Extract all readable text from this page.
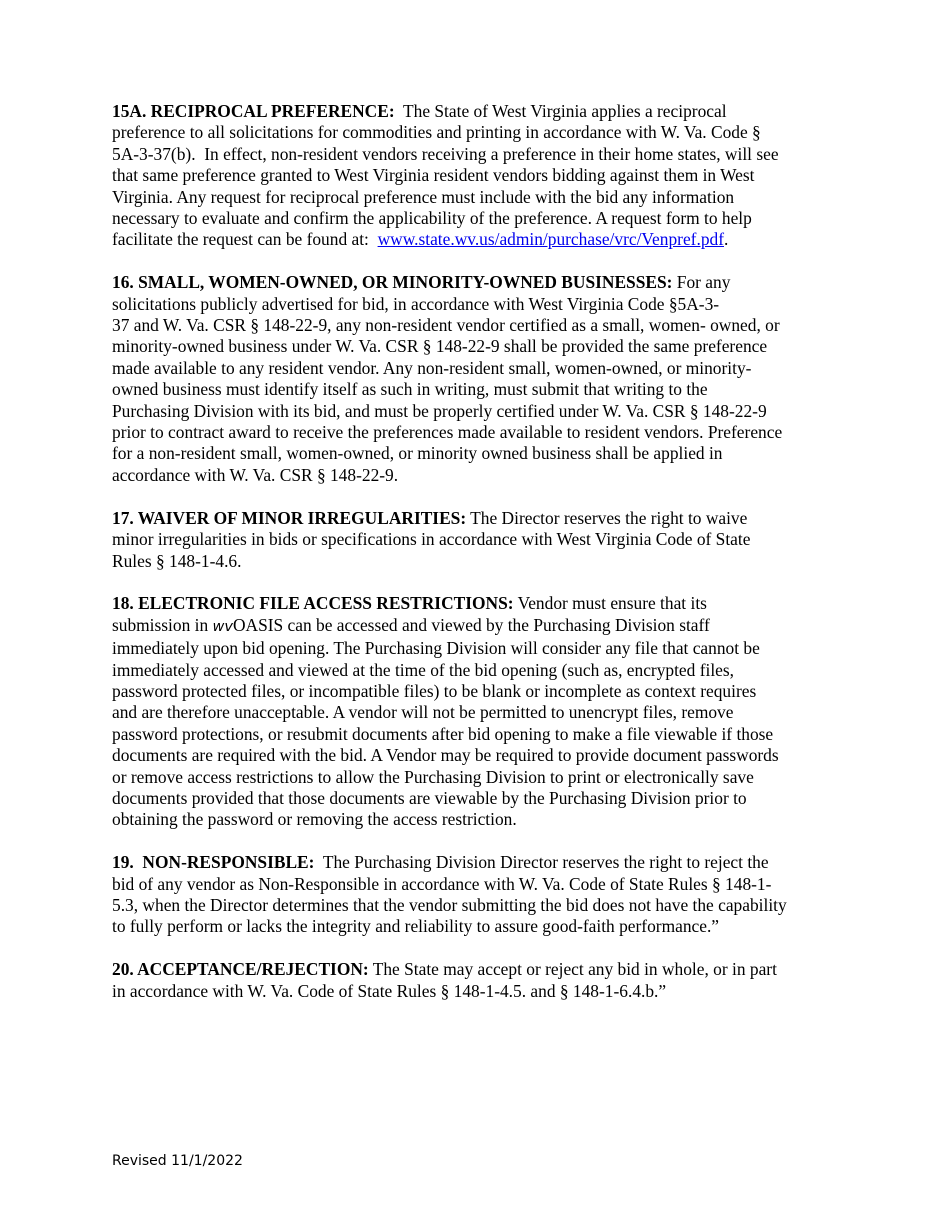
15A. RECIPROCAL PREFERENCE:  The State of West Virginia applies a reciprocal
preference to all solicitations for commodities and printing in accordance with W. Va. Code §
5A-3-37(b).  In effect, non-resident vendors receiving a preference in their home states, will see
that same preference granted to West Virginia resident vendors bidding against them in West
Virginia. Any request for reciprocal preference must include with the bid any information
necessary to evaluate and confirm the applicability of the preference. A request form to help
facilitate the request can be found at:  www.state.wv.us/admin/purchase/vrc/Venpref.pdf.
16. SMALL, WOMEN-OWNED, OR MINORITY-OWNED BUSINESSES: For any
solicitations publicly advertised for bid, in accordance with West Virginia Code §5A-3-
37 and W. Va. CSR § 148-22-9, any non-resident vendor certified as a small, women- owned, or
minority-owned business under W. Va. CSR § 148-22-9 shall be provided the same preference
made available to any resident vendor. Any non-resident small, women-owned, or minority-
owned business must identify itself as such in writing, must submit that writing to the
Purchasing Division with its bid, and must be properly certified under W. Va. CSR § 148-22-9
prior to contract award to receive the preferences made available to resident vendors. Preference
for a non-resident small, women-owned, or minority owned business shall be applied in
accordance with W. Va. CSR § 148-22-9.
17. WAIVER OF MINOR IRREGULARITIES: The Director reserves the right to waive
minor irregularities in bids or specifications in accordance with West Virginia Code of State
Rules § 148-1-4.6.
18. ELECTRONIC FILE ACCESS RESTRICTIONS: Vendor must ensure that its
submission in wvOASIS can be accessed and viewed by the Purchasing Division staff
immediately upon bid opening. The Purchasing Division will consider any file that cannot be
immediately accessed and viewed at the time of the bid opening (such as, encrypted files,
password protected files, or incompatible files) to be blank or incomplete as context requires
and are therefore unacceptable. A vendor will not be permitted to unencrypt files, remove
password protections, or resubmit documents after bid opening to make a file viewable if those
documents are required with the bid. A Vendor may be required to provide document passwords
or remove access restrictions to allow the Purchasing Division to print or electronically save
documents provided that those documents are viewable by the Purchasing Division prior to
obtaining the password or removing the access restriction.
19.  NON-RESPONSIBLE:  The Purchasing Division Director reserves the right to reject the
bid of any vendor as Non-Responsible in accordance with W. Va. Code of State Rules § 148-1-
5.3, when the Director determines that the vendor submitting the bid does not have the capability
to fully perform or lacks the integrity and reliability to assure good-faith performance.”
20. ACCEPTANCE/REJECTION: The State may accept or reject any bid in whole, or in part
in accordance with W. Va. Code of State Rules § 148-1-4.5. and § 148-1-6.4.b.”
Revised 11/1/2022
